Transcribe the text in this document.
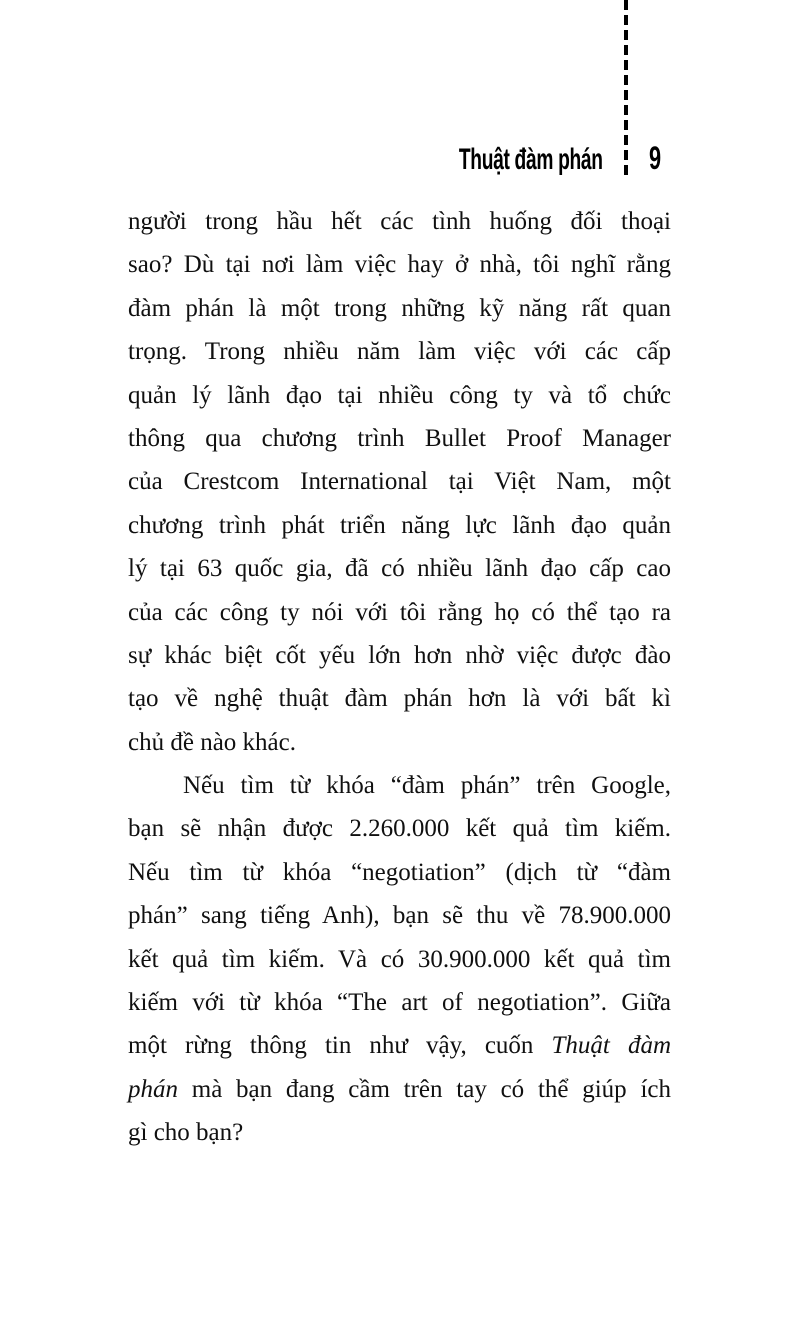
Thuật đàm phán 9
người trong hầu hết các tình huống đối thoại
sao? Dù tại nơi làm việc hay ở nhà, tôi nghĩ rằng
đàm phán là một trong những kỹ năng rất quan
trọng. Trong nhiều năm làm việc với các cấp
quản lý lãnh đạo tại nhiều công ty và tổ chức
thông qua chương trình Bullet Proof Manager
của Crestcom International tại Việt Nam, một
chương trình phát triển năng lực lãnh đạo quản
lý tại 63 quốc gia, đã có nhiều lãnh đạo cấp cao
của các công ty nói với tôi rằng họ có thể tạo ra
sự khác biệt cốt yếu lớn hơn nhờ việc được đào
tạo về nghệ thuật đàm phán hơn là với bất kì
chủ đề nào khác.
Nếu tìm từ khóa “đàm phán” trên Google,
bạn sẽ nhận được 2.260.000 kết quả tìm kiếm.
Nếu tìm từ khóa “negotiation” (dịch từ “đàm
phán” sang tiếng Anh), bạn sẽ thu về 78.900.000
kết quả tìm kiếm. Và có 30.900.000 kết quả tìm
kiếm với từ khóa “The art of negotiation”. Giữa
một rừng thông tin như vậy, cuốn Thuật đàm
phán mà bạn đang cầm trên tay có thể giúp ích
gì cho bạn?
